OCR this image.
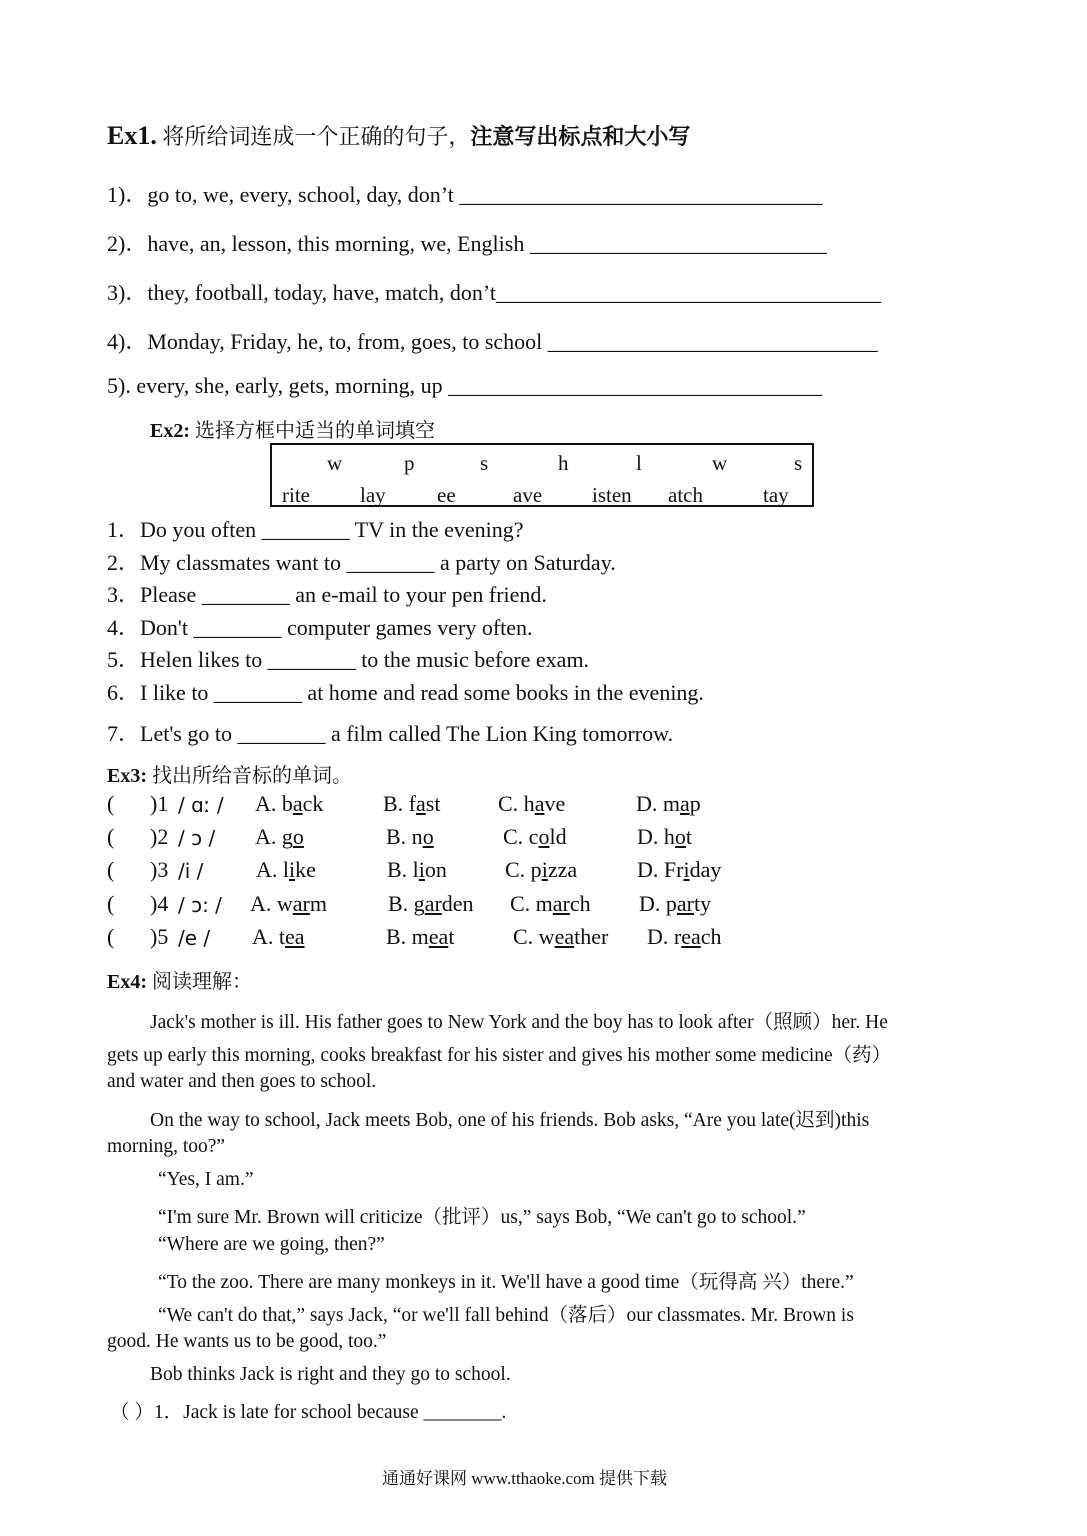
Ex1. 将所给词连成一个正确的句子，注意写出标点和大小写
1)．go to, we, every, school, day, don’t _________________________________
2)．have, an, lesson, this morning, we, English ___________________________
3)．they, football, today, have, match, don’t___________________________________
4)．Monday, Friday, he, to, from, goes, to school ______________________________
5). every, she, early, gets, morning, up __________________________________
Ex2: 选择方框中适当的单词填空
w	p	s	h	l	w	s
rite lay ee	ave isten atch	tay
1．Do you often ________ TV in the evening?
2．My classmates want to ________ a party on Saturday.
3．Please ________ an e-mail to your pen friend.
4．Don't ________ computer games very often.
5．Helen likes to ________ to the music before exam.
6．I like to ________ at home and read some books in the evening.
7．Let's go to ________ a film called The Lion King tomorrow.
Ex3: 找出所给音标的单词。
( )1 / ɑː / A. back	B. fast	C. have	D. map
( )2 / ɔ / A. go	B. no	C. cold	D. hot
( )3 /i / A. like	B. lion	C. pizza	D. Friday
( )4 / ɔ: / A. warm	B. garden C. march D. party
( )5 /e / A. tea	B. meat	C. weather D. reach
Ex4: 阅读理解：
Jack's mother is ill. His father goes to New York and the boy has to look after（照顾）her. He
gets up early this morning, cooks breakfast for his sister and gives his mother some medicine（药）
and water and then goes to school.
On the way to school, Jack meets Bob, one of his friends. Bob asks, “Are you late(迟到)this
morning, too?”
“Yes, I am.”
“I'm sure Mr. Brown will criticize（批评）us,” says Bob, “We can't go to school.”
“Where are we going, then?”
“To the zoo. There are many monkeys in it. We'll have a good time（玩得高 兴）there.”
“We can't do that,” says Jack, “or we'll fall behind（落后）our classmates. Mr. Brown is
good. He wants us to be good, too.”
Bob thinks Jack is right and they go to school.
（ ）1．Jack is late for school because ________.
通通好课网 www.tthaoke.com 提供下载
